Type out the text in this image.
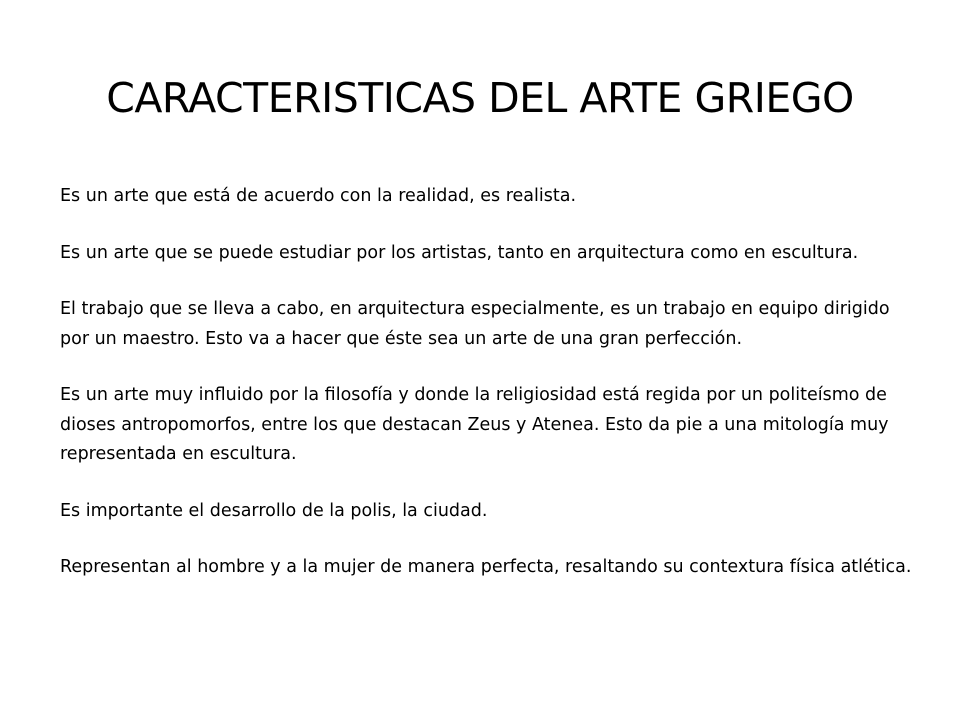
CARACTERISTICAS DEL ARTE GRIEGO

Es un arte que está de acuerdo con la realidad, es realista.

Es un arte que se puede estudiar por los artistas, tanto en arquitectura como en escultura.

El trabajo que se lleva a cabo, en arquitectura especialmente, es un trabajo en equipo dirigido por un maestro. Esto va a hacer que éste sea un arte de una gran perfección.

Es un arte muy influido por la filosofía y donde la religiosidad está regida por un politeísmo de dioses antropomorfos, entre los que destacan Zeus y Atenea. Esto da pie a una mitología muy representada en escultura.

Es importante el desarrollo de la polis, la ciudad.

Representan al hombre y a la mujer de manera perfecta, resaltando su contextura física atlética.
